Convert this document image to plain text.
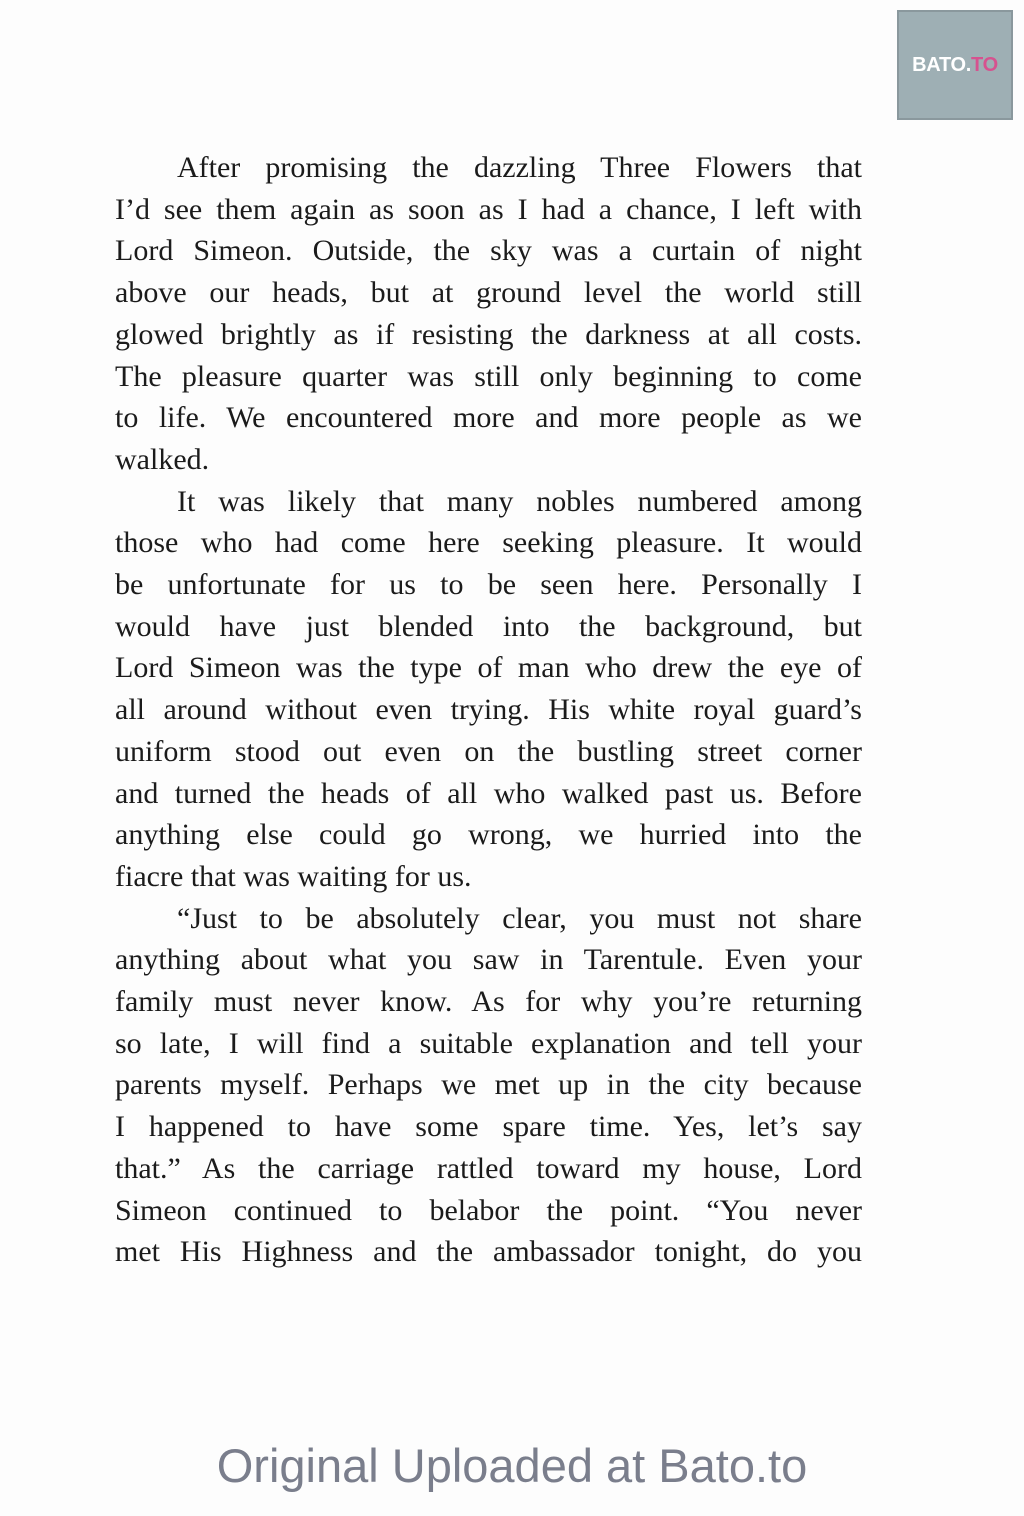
BATO. TO

After promising the dazzling Three Flowers that
I’d see them again as soon as I had a chance, I left with
Lord Simeon. Outside, the sky was a curtain of night
above our heads, but at ground level the world still
glowed brightly as if resisting the darkness at all costs.
The pleasure quarter was still only beginning to come
to life. We encountered more and more people as we
walked.

It was likely that many nobles numbered among
those who had come here seeking pleasure. It would
be unfortunate for us to be seen here. Personally I
would have just blended into the background, but
Lord Simeon was the type of man who drew the eye of
all around without even trying. His white royal guard’s
uniform stood out even on the bustling street corner
and turned the heads of all who walked past us. Before
anything else could go wrong, we hurried into the
fiacre that was waiting for us.

“Just to be absolutely clear, you must not share
anything about what you saw in Tarentule. Even your
family must never know. As for why you’re returning
so late, I will find a suitable explanation and tell your
parents myself. Perhaps we met up in the city because
I happened to have some spare time. Yes, let’s say
that.” As the carriage rattled toward my house, Lord
Simeon continued to belabor the point. “You never
met His Highness and the ambassador tonight, do you

Original Uploaded at Bato.to
